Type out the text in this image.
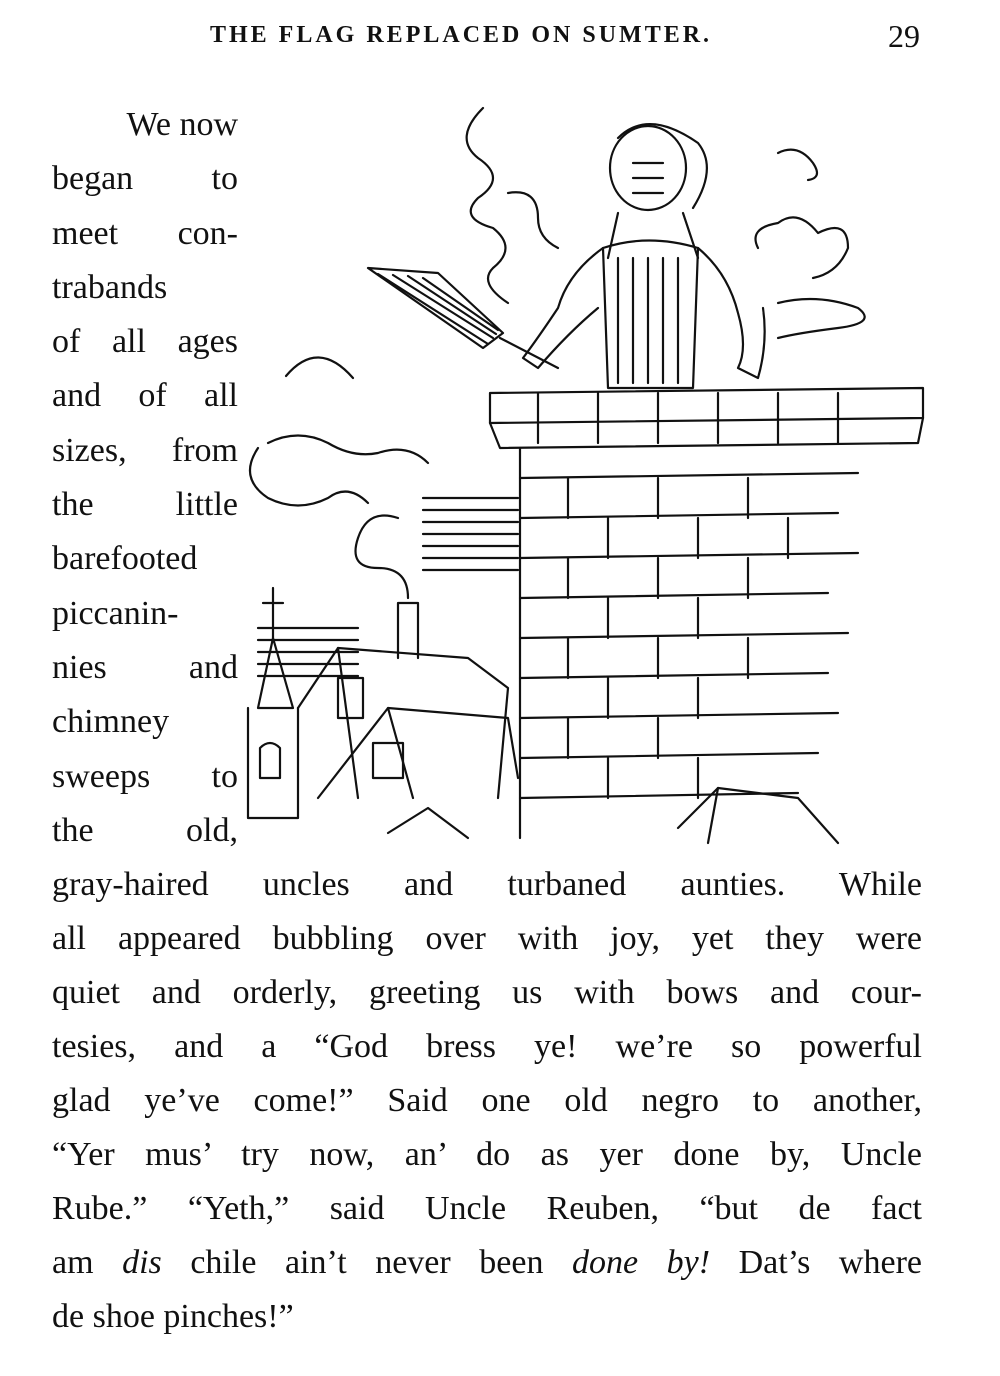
THE FLAG REPLACED ON SUMTER.	29
We now
began to
meet con-
trabands
of all ages
and of all
sizes, from
the little
barefooted
piccanin-
nies and
chimney
sweeps to
the old,
gray-haired uncles and turbaned aunties. While
all appeared bubbling over with joy, yet they were
quiet and orderly, greeting us with bows and cour-
tesies, and a “God bress ye! we’re so powerful
glad ye’ve come!” Said one old negro to another,
“Yer mus’ try now, an’ do as yer done by, Uncle
Rube.” “Yeth,” said Uncle Reuben, “but de fact
am dis chile ain’t never been done by! Dat’s where
de shoe pinches!”
